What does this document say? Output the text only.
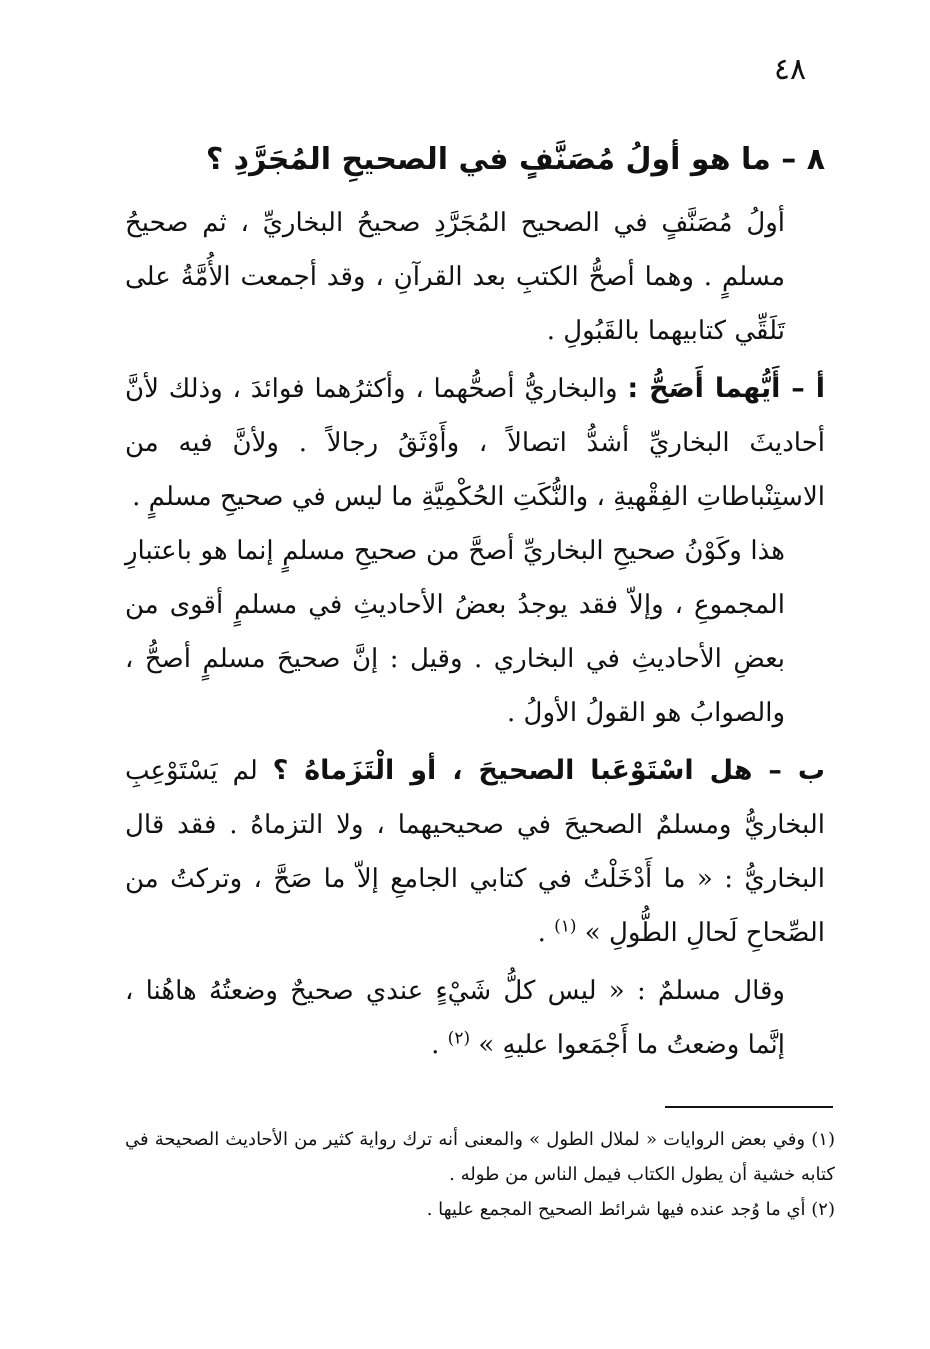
٤٨
٨ – ما هو أولُ مُصَنَّفٍ في الصحيحِ المُجَرَّدِ ؟

أولُ مُصَنَّفٍ في الصحيح المُجَرَّدِ صحيحُ البخاريِّ ، ثم صحيحُ مسلمٍ . وهما أصحُّ الكتبِ بعد القرآنِ ، وقد أجمعت الأُمَّةُ على تَلَقِّي كتابيهما بالقَبُولِ .

أ – أَيُّهما أَصَحُّ : والبخاريُّ أصحُّهما ، وأكثرُهما فوائدَ ، وذلك لأنَّ أحاديثَ البخاريِّ أشدُّ اتصالاً ، وأَوْثَقُ رجالاً . ولأنَّ فيه من الاستِنْباطاتِ الفِقْهيةِ ، والنُّكَتِ الحُكْمِيَّةِ ما ليس في صحيحِ مسلمٍ .

هذا وكَوْنُ صحيحِ البخاريِّ أصحَّ من صحيحِ مسلمٍ إنما هو باعتبارِ المجموعِ ، وإلاّ فقد يوجدُ بعضُ الأحاديثِ في مسلمٍ أقوى من بعضِ الأحاديثِ في البخاري . وقيل : إنَّ صحيحَ مسلمٍ أصحُّ ، والصوابُ هو القولُ الأولُ .

ب – هل اسْتَوْعَبا الصحيحَ ، أو الْتَزَماهُ ؟ لم يَسْتَوْعِبِ البخاريُّ ومسلمٌ الصحيحَ في صحيحيهما ، ولا التزماهُ . فقد قال البخاريُّ : « ما أَدْخَلْتُ في كتابي الجامعِ إلاّ ما صَحَّ ، وتركتُ من الصِّحاحِ لَحالِ الطُّولِ » $^{(١)}$ .

وقال مسلمٌ : « ليس كلُّ شَيْءٍ عندي صحيحٌ وضعتُهُ هاهُنا ، إنَّما وضعتُ ما أَجْمَعوا عليهِ » $^{(٢)}$ .

(١) وفي بعض الروايات « لملال الطول » والمعنى أنه ترك رواية كثير من الأحاديث الصحيحة في كتابه خشية أن يطول الكتاب فيمل الناس من طوله .

(٢) أي ما وُجد عنده فيها شرائط الصحيح المجمع عليها .
